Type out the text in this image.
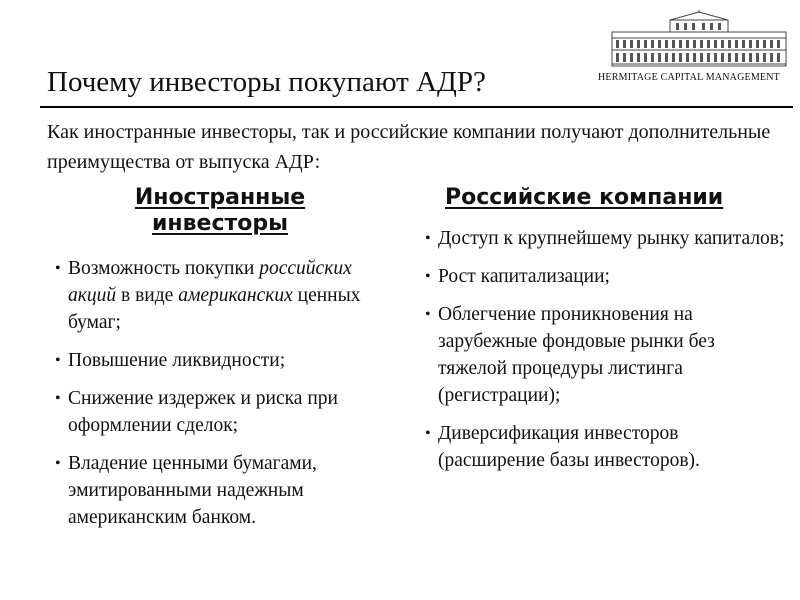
HERMITAGE CAPITAL MANAGEMENT
Почему инвесторы покупают АДР?
Как иностранные инвесторы, так и российские компании получают дополнительные преимущества от выпуска АДР:
Иностранные
инвесторы
• Возможность покупки российских акций в виде американских ценных бумаг;
• Повышение ликвидности;
• Снижение издержек и риска при оформлении сделок;
• Владение ценными бумагами, эмитированными надежным американским банком.
Российские компании
• Доступ к крупнейшему рынку капиталов;
• Рост капитализации;
• Облегчение проникновения на зарубежные фондовые рынки без тяжелой процедуры листинга (регистрации);
• Диверсификация инвесторов (расширение базы инвесторов).
